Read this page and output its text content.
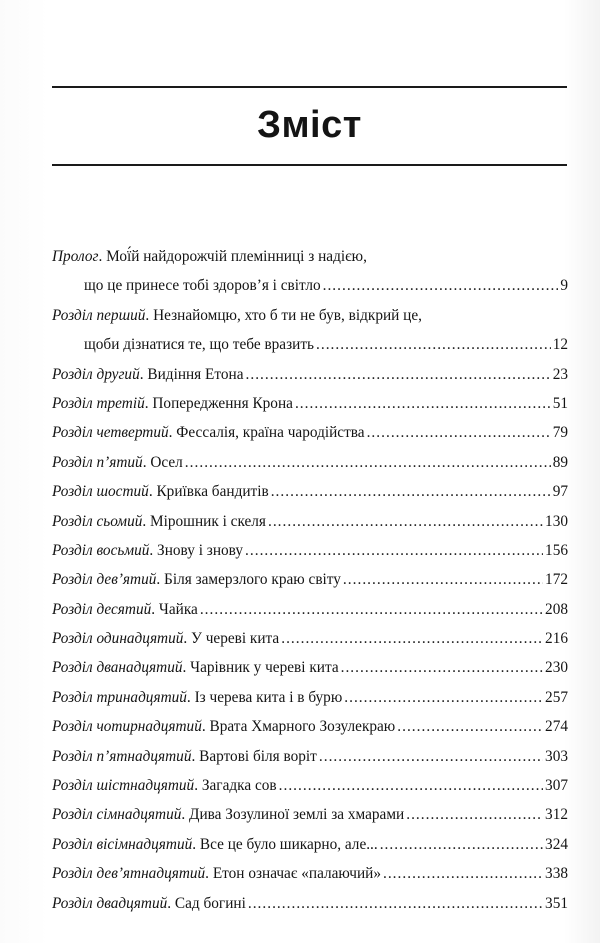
Зміст
Пролог . Мої́й найдорожчій племінниці з надією,
що це принесе тобі здоров’я і світло . . .	9
Розділ перший . Незнайомцю, хто б ти не був, відкрий це,
щоби дізнатися те, що тебе вразить . . .	12
Розділ другий . Видіння Етона . . .	23
Розділ третій . Попередження Крона . . .	51
Розділ четвертий . Фессалія, країна чародійства . . .	79
Розділ п’ятий . Осел . . .	89
Розділ шостий . Криївка бандитів . . .	97
Розділ сьомий . Мірошник і скеля . . .	130
Розділ восьмий . Знову і знову . . .	156
Розділ дев’ятий . Біля замерзлого краю світу . . .	172
Розділ десятий . Чайка . . .	208
Розділ одинадцятий . У череві кита . . .	216
Розділ дванадцятий . Чарівник у череві кита . . .	230
Розділ тринадцятий . Із черева кита і в бурю . . .	257
Розділ чотирнадцятий . Врата Хмарного Зозулекраю . . .	274
Розділ п’ятнадцятий . Вартові біля воріт . . .	303
Розділ шістнадцятий . Загадка сов . . .	307
Розділ сімнадцятий . Дива Зозулиної землі за хмарами . . .	312
Розділ вісімнадцятий . Все це було шикарно, але... . . .	324
Розділ дев’ятнадцятий . Етон означає «палаючий» . . .	338
Розділ двадцятий . Сад богині . . .	351
